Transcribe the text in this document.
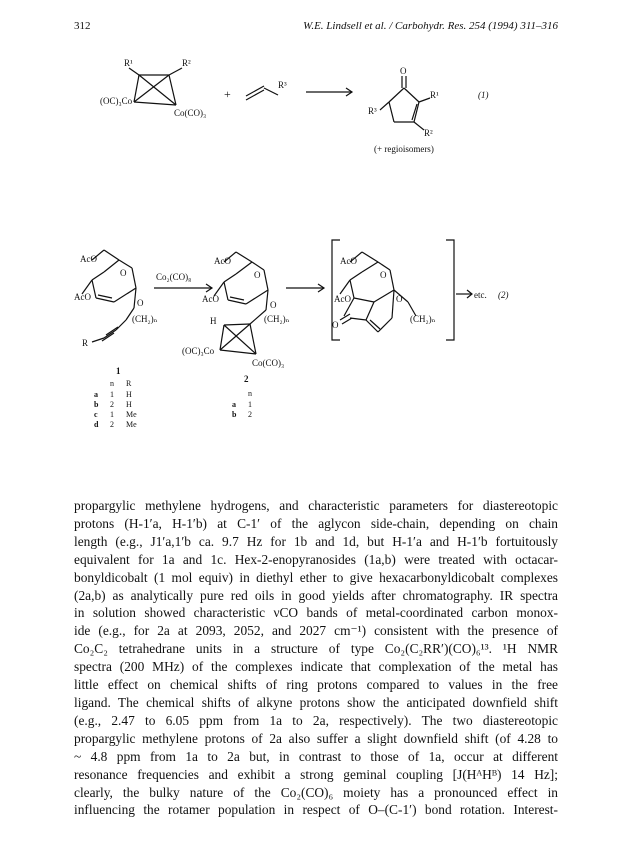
312	W.E. Lindsell et al. / Carbohydr. Res. 254 (1994) 311–316
R¹	R²
(OC)₃Co
Co(CO)₃
+
R³
O
R¹
R³
R²
(1)
(+ regioisomers)
AcO
O
AcO
O
(CH₂)ₙ
R
Co₂(CO)₈
AcO
O
AcO
O
(CH₂)ₙ
H
(OC)₃Co
Co(CO)₃
AcO
O
AcO	O
(CH₂)ₙ
O
etc. (2)
1
2
n R
a 1 H
b 2 H
c 1 Me
d 2 Me
n
a 1
b 2
propargylic methylene hydrogens, and characteristic parameters for diastereotopic
protons (H-1′a, H-1′b) at C-1′ of the aglycon side-chain, depending on chain
length (e.g., J1′a,1′b ca. 9.7 Hz for 1b and 1d, but H-1′a and H-1′b fortuitously
equivalent for 1a and 1c. Hex-2-enopyranosides (1a,b) were treated with octacar-
bonyldicobalt (1 mol equiv) in diethyl ether to give hexacarbonyldicobalt complexes
(2a,b) as analytically pure red oils in good yields after chromatography. IR spectra
in solution showed characteristic νCO bands of metal-coordinated carbon monox-
ide (e.g., for 2a at 2093, 2052, and 2027 cm⁻¹) consistent with the presence of
Co₂C₂ tetrahedrane units in a structure of type Co₂(C₂RR′)(CO)₆¹³. ¹H NMR
spectra (200 MHz) of the complexes indicate that complexation of the metal has
little effect on chemical shifts of ring protons compared to values in the free
ligand. The chemical shifts of alkyne protons show the anticipated downfield shift
(e.g., 2.47 to 6.05 ppm from 1a to 2a, respectively). The two diastereotopic
propargylic methylene protons of 2a also suffer a slight downfield shift (of 4.28 to
~ 4.8 ppm from 1a to 2a but, in contrast to those of 1a, occur at different
resonance frequencies and exhibit a strong geminal coupling [J(HᴬHᴮ) 14 Hz];
clearly, the bulky nature of the Co₂(CO)₆ moiety has a pronounced effect in
influencing the rotamer population in respect of O–(C-1′) bond rotation. Interest-
